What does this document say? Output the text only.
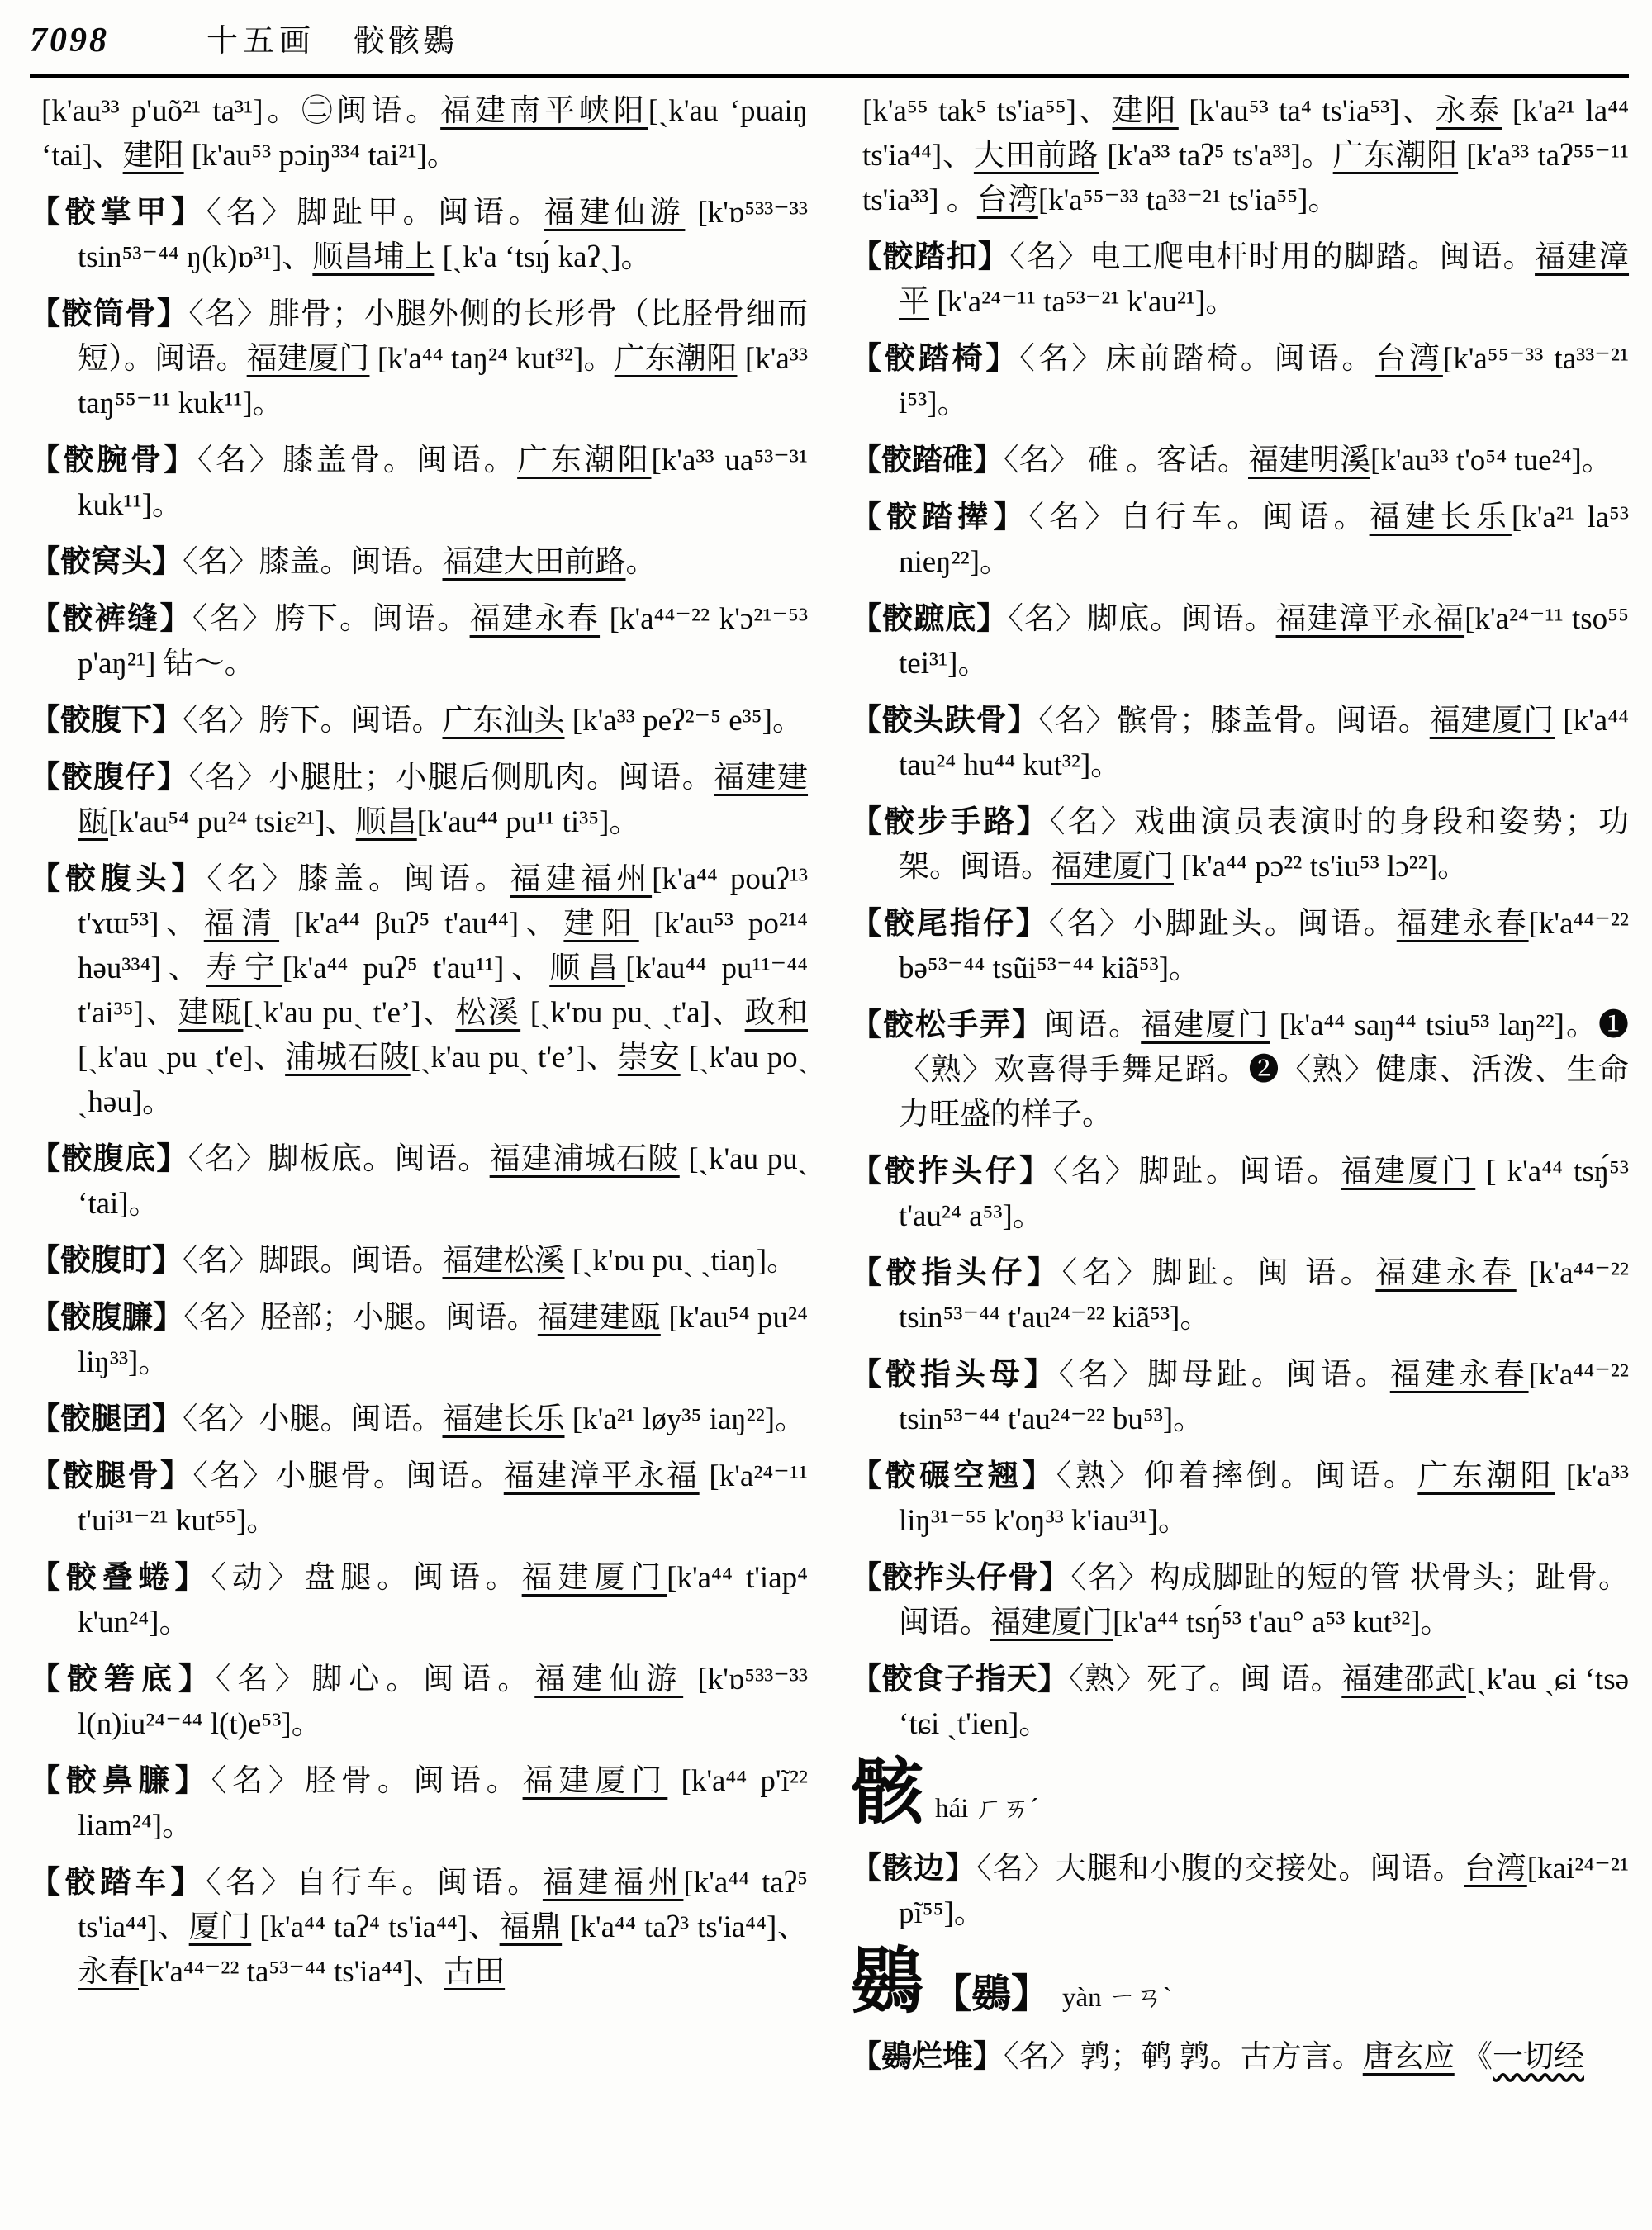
7098	十五画 骹骸鷃
[k'au³³ p'uõ²¹ ta³¹]。㊁闽语。福建南平峡阳[ˏk'au ʻpuaiŋ ʻtai]、建阳 [k'au⁵³ pɔiŋ³³⁴ tai²¹]。
【骹掌甲】〈名〉脚趾甲。闽语。福建仙游 [k'ɒ⁵³³⁻³³ tsin⁵³⁻⁴⁴ ŋ(k)ɒ³¹]、顺昌埔上 [ˏk'a ʻtsŋ́ kaʔˏ]。
【骹筒骨】〈名〉腓骨；小腿外侧的长形骨（比胫骨细而短）。闽语。福建厦门 [k'a⁴⁴ taŋ²⁴ kut³²]。广东潮阳 [k'a³³ taŋ⁵⁵⁻¹¹ kuk¹¹]。
【骹腕骨】〈名〉膝盖骨。闽语。广东潮阳[k'a³³ ua⁵³⁻³¹ kuk¹¹]。
【骹窝头】〈名〉膝盖。闽语。福建大田前路。
【骹裤缝】〈名〉胯下。闽语。福建永春 [k'a⁴⁴⁻²² k'ɔ²¹⁻⁵³ p'aŋ²¹] 钻～。
【骹腹下】〈名〉胯下。闽语。广东汕头 [k'a³³ peʔ²⁻⁵ e³⁵]。
【骹腹仔】〈名〉小腿肚；小腿后侧肌肉。闽语。福建建瓯[k'au⁵⁴ pu²⁴ tsiɛ²¹]、顺昌[k'au⁴⁴ pu¹¹ ti³⁵]。
【骹腹头】〈名〉膝盖。闽语。福建福州[k'a⁴⁴ pouʔ¹³ t'ɤɯ⁵³]、福清 [k'a⁴⁴ βuʔ⁵ t'au⁴⁴]、建阳 [k'au⁵³ po²¹⁴ həu³³⁴]、寿宁[k'a⁴⁴ puʔ⁵ t'au¹¹]、顺昌[k'au⁴⁴ pu¹¹⁻⁴⁴ t'ai³⁵]、建瓯[ˏk'au puˏ t'eʼ]、松溪 [ˏk'ɒu puˏ ˏt'a]、政和 [ˏk'au ˏpu ˏt'e]、浦城石陂[ˏk'au puˏ t'eʼ]、崇安 [ˏk'au poˏ ˏhəu]。
【骹腹底】〈名〉脚板底。闽语。福建浦城石陂 [ˏk'au puˏ ʻtai]。
【骹腹盯】〈名〉脚跟。闽语。福建松溪 [ˏk'ɒu puˏ ˏtiaŋ]。
【骹腹臁】〈名〉胫部；小腿。闽语。福建建瓯 [k'au⁵⁴ pu²⁴ liŋ³³]。
【骹腿囝】〈名〉小腿。闽语。福建长乐 [k'a²¹ løy³⁵ iaŋ²²]。
【骹腿骨】〈名〉小腿骨。闽语。福建漳平永福 [k'a²⁴⁻¹¹ t'ui³¹⁻²¹ kut⁵⁵]。
【骹叠蜷】〈动〉盘腿。闽语。福建厦门[k'a⁴⁴ t'iap⁴ k'un²⁴]。
【骹箬底】〈名〉脚心。闽语。福建仙游 [k'ɒ⁵³³⁻³³ l(n)iu²⁴⁻⁴⁴ l(t)e⁵³]。
【骹鼻臁】〈名〉胫骨。闽语。福建厦门 [k'a⁴⁴ p'ĩ²² liam²⁴]。
【骹踏车】〈名〉自行车。闽语。福建福州[k'a⁴⁴ taʔ⁵ ts'ia⁴⁴]、厦门 [k'a⁴⁴ taʔ⁴ ts'ia⁴⁴]、福鼎 [k'a⁴⁴ taʔ³ ts'ia⁴⁴]、永春[k'a⁴⁴⁻²² ta⁵³⁻⁴⁴ ts'ia⁴⁴]、古田
[k'a⁵⁵ tak⁵ ts'ia⁵⁵]、建阳 [k'au⁵³ ta⁴ ts'ia⁵³]、永泰 [k'a²¹ la⁴⁴ ts'ia⁴⁴]、大田前路 [k'a³³ taʔ⁵ ts'a³³]。广东潮阳 [k'a³³ taʔ⁵⁵⁻¹¹ ts'ia³³] 。台湾[k'a⁵⁵⁻³³ ta³³⁻²¹ ts'ia⁵⁵]。
【骹踏扣】〈名〉电工爬电杆时用的脚踏。闽语。福建漳平 [k'a²⁴⁻¹¹ ta⁵³⁻²¹ k'au²¹]。
【骹踏椅】〈名〉床前踏椅。闽语。台湾[k'a⁵⁵⁻³³ ta³³⁻²¹ i⁵³]。
【骹踏碓】〈名〉 碓 。客话。福建明溪[k'au³³ t'o⁵⁴ tue²⁴]。
【骹踏撵】〈名〉自行车。闽语。福建长乐[k'a²¹ la⁵³ nieŋ²²]。
【骹蹠底】〈名〉脚底。闽语。福建漳平永福[k'a²⁴⁻¹¹ tso⁵⁵ tei³¹]。
【骹头趺骨】〈名〉髌骨；膝盖骨。闽语。福建厦门 [k'a⁴⁴ tau²⁴ hu⁴⁴ kut³²]。
【骹步手路】〈名〉戏曲演员表演时的身段和姿势；功架。闽语。福建厦门 [k'a⁴⁴ pɔ²² ts'iu⁵³ lɔ²²]。
【骹尾指仔】〈名〉小脚趾头。闽语。福建永春[k'a⁴⁴⁻²² bə⁵³⁻⁴⁴ tsũi⁵³⁻⁴⁴ kiã⁵³]。
【骹松手弄】闽语。福建厦门 [k'a⁴⁴ saŋ⁴⁴ tsiu⁵³ laŋ²²]。❶〈熟〉欢喜得手舞足蹈。❷〈熟〉健康、活泼、生命力旺盛的样子。
【骹拃头仔】〈名〉脚趾。闽语。福建厦门 [ k'a⁴⁴ tsŋ́⁵³ t'au²⁴ a⁵³]。
【骹指头仔】〈名〉脚趾。闽 语。福建永春 [k'a⁴⁴⁻²² tsin⁵³⁻⁴⁴ t'au²⁴⁻²² kiã⁵³]。
【骹指头母】〈名〉脚母趾。闽语。福建永春[k'a⁴⁴⁻²² tsin⁵³⁻⁴⁴ t'au²⁴⁻²² bu⁵³]。
【骹碾空翘】〈熟〉仰着摔倒。闽语。广东潮阳 [k'a³³ liŋ³¹⁻⁵⁵ k'oŋ³³ k'iau³¹]。
【骹拃头仔骨】〈名〉构成脚趾的短的管 状骨头；趾骨。闽语。福建厦门[k'a⁴⁴ tsŋ́⁵³ t'au° a⁵³ kut³²]。
【骹食子指天】〈熟〉死了。闽 语。福建邵武[ˏk'au ˏɕi ʻtsə ʻtɕi ˏt'ien]。
骸 hái ㄏㄞˊ
【骸边】〈名〉大腿和小腹的交接处。闽语。台湾[kai²⁴⁻²¹ pĩ⁵⁵]。
鷃 【鷃】 yàn ㄧㄢˋ
【鷃烂堆】〈名〉鹑；鹌 鹑。古方言。唐玄应 《一切经
